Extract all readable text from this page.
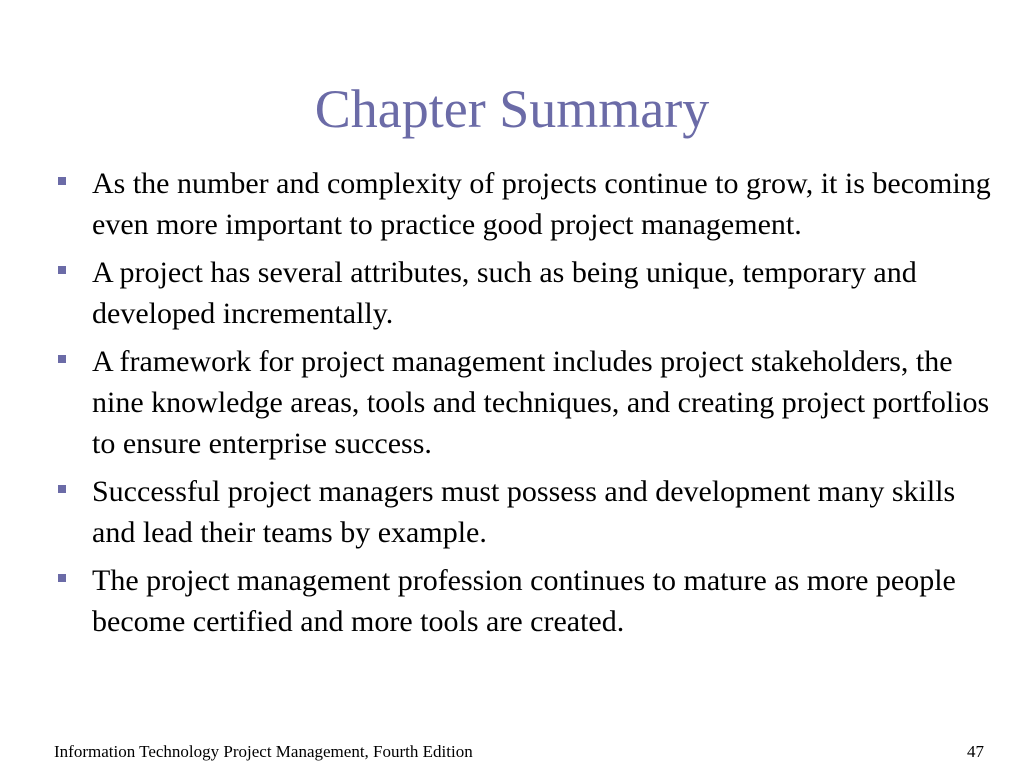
Chapter Summary
As the number and complexity of projects continue to grow, it is becoming even more important to practice good project management.
A project has several attributes, such as being unique, temporary and developed incrementally.
A framework for project management includes project stakeholders, the nine knowledge areas, tools and techniques, and creating project portfolios to ensure enterprise success.
Successful project managers must possess and development many skills and lead their teams by example.
The project management profession continues to mature as more people become certified and more tools are created.
Information Technology Project Management, Fourth Edition	47
